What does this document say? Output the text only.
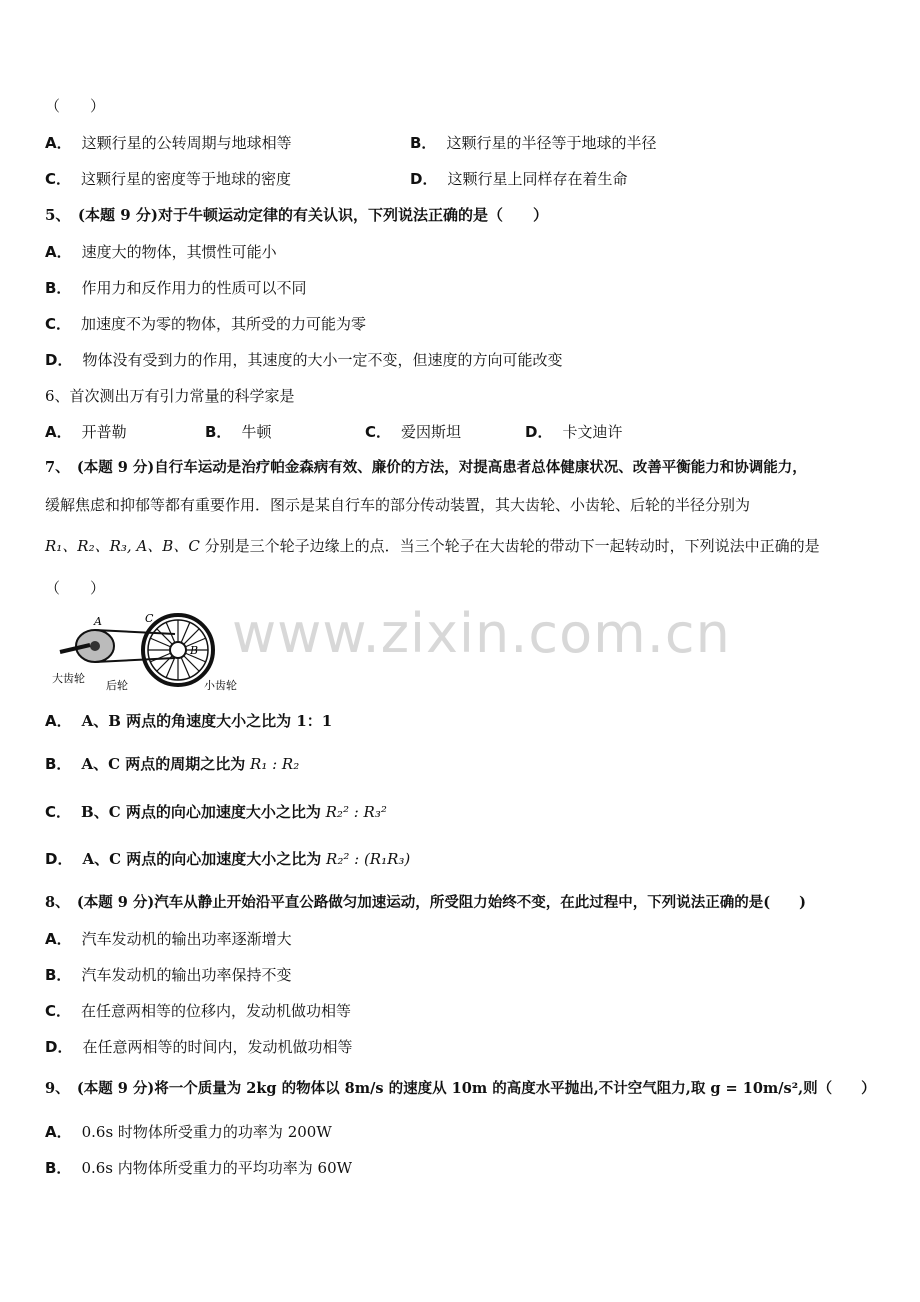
（　　）
A． 这颗行星的公转周期与地球相等	B． 这颗行星的半径等于地球的半径
C． 这颗行星的密度等于地球的密度	D． 这颗行星上同样存在着生命
5、　(本题 9 分)对于牛顿运动定律的有关认识，下列说法正确的是（　　）
A． 速度大的物体，其惯性可能小
B． 作用力和反作用力的性质可以不同
C． 加速度不为零的物体，其所受的力可能为零
D． 物体没有受到力的作用，其速度的大小一定不变，但速度的方向可能改变
6、首次测出万有引力常量的科学家是
A． 开普勒	B． 牛顿	C． 爱因斯坦	D． 卡文迪许
7、　(本题 9 分)自行车运动是治疗帕金森病有效、廉价的方法，对提高患者总体健康状况、改善平衡能力和协调能力，
缓解焦虑和抑郁等都有重要作用．图示是某自行车的部分传动装置，其大齿轮、小齿轮、后轮的半径分别为
R₁、R₂、R₃, A、B、C 分别是三个轮子边缘上的点．当三个轮子在大齿轮的带动下一起转动时，下列说法中正确的是
（　　）
www.zixin.com.cn
A	C
B
大齿轮
后轮	小齿轮
A． A、B 两点的角速度大小之比为 1：1
B． A、C 两点的周期之比为 R₁ : R₂
C． B、C 两点的向心加速度大小之比为 R₂² : R₃²
D． A、C 两点的向心加速度大小之比为 R₂² : (R₁R₃)
8、　(本题 9 分)汽车从静止开始沿平直公路做匀加速运动，所受阻力始终不变，在此过程中，下列说法正确的是(　　)
A． 汽车发动机的输出功率逐渐增大
B． 汽车发动机的输出功率保持不变
C． 在任意两相等的位移内，发动机做功相等
D． 在任意两相等的时间内，发动机做功相等
9、　(本题 9 分)将一个质量为 2kg 的物体以 8m/s 的速度从 10m 的高度水平抛出,不计空气阻力,取 g = 10m/s²,则（　　）
A． 0.6s 时物体所受重力的功率为 200W
B． 0.6s 内物体所受重力的平均功率为 60W
